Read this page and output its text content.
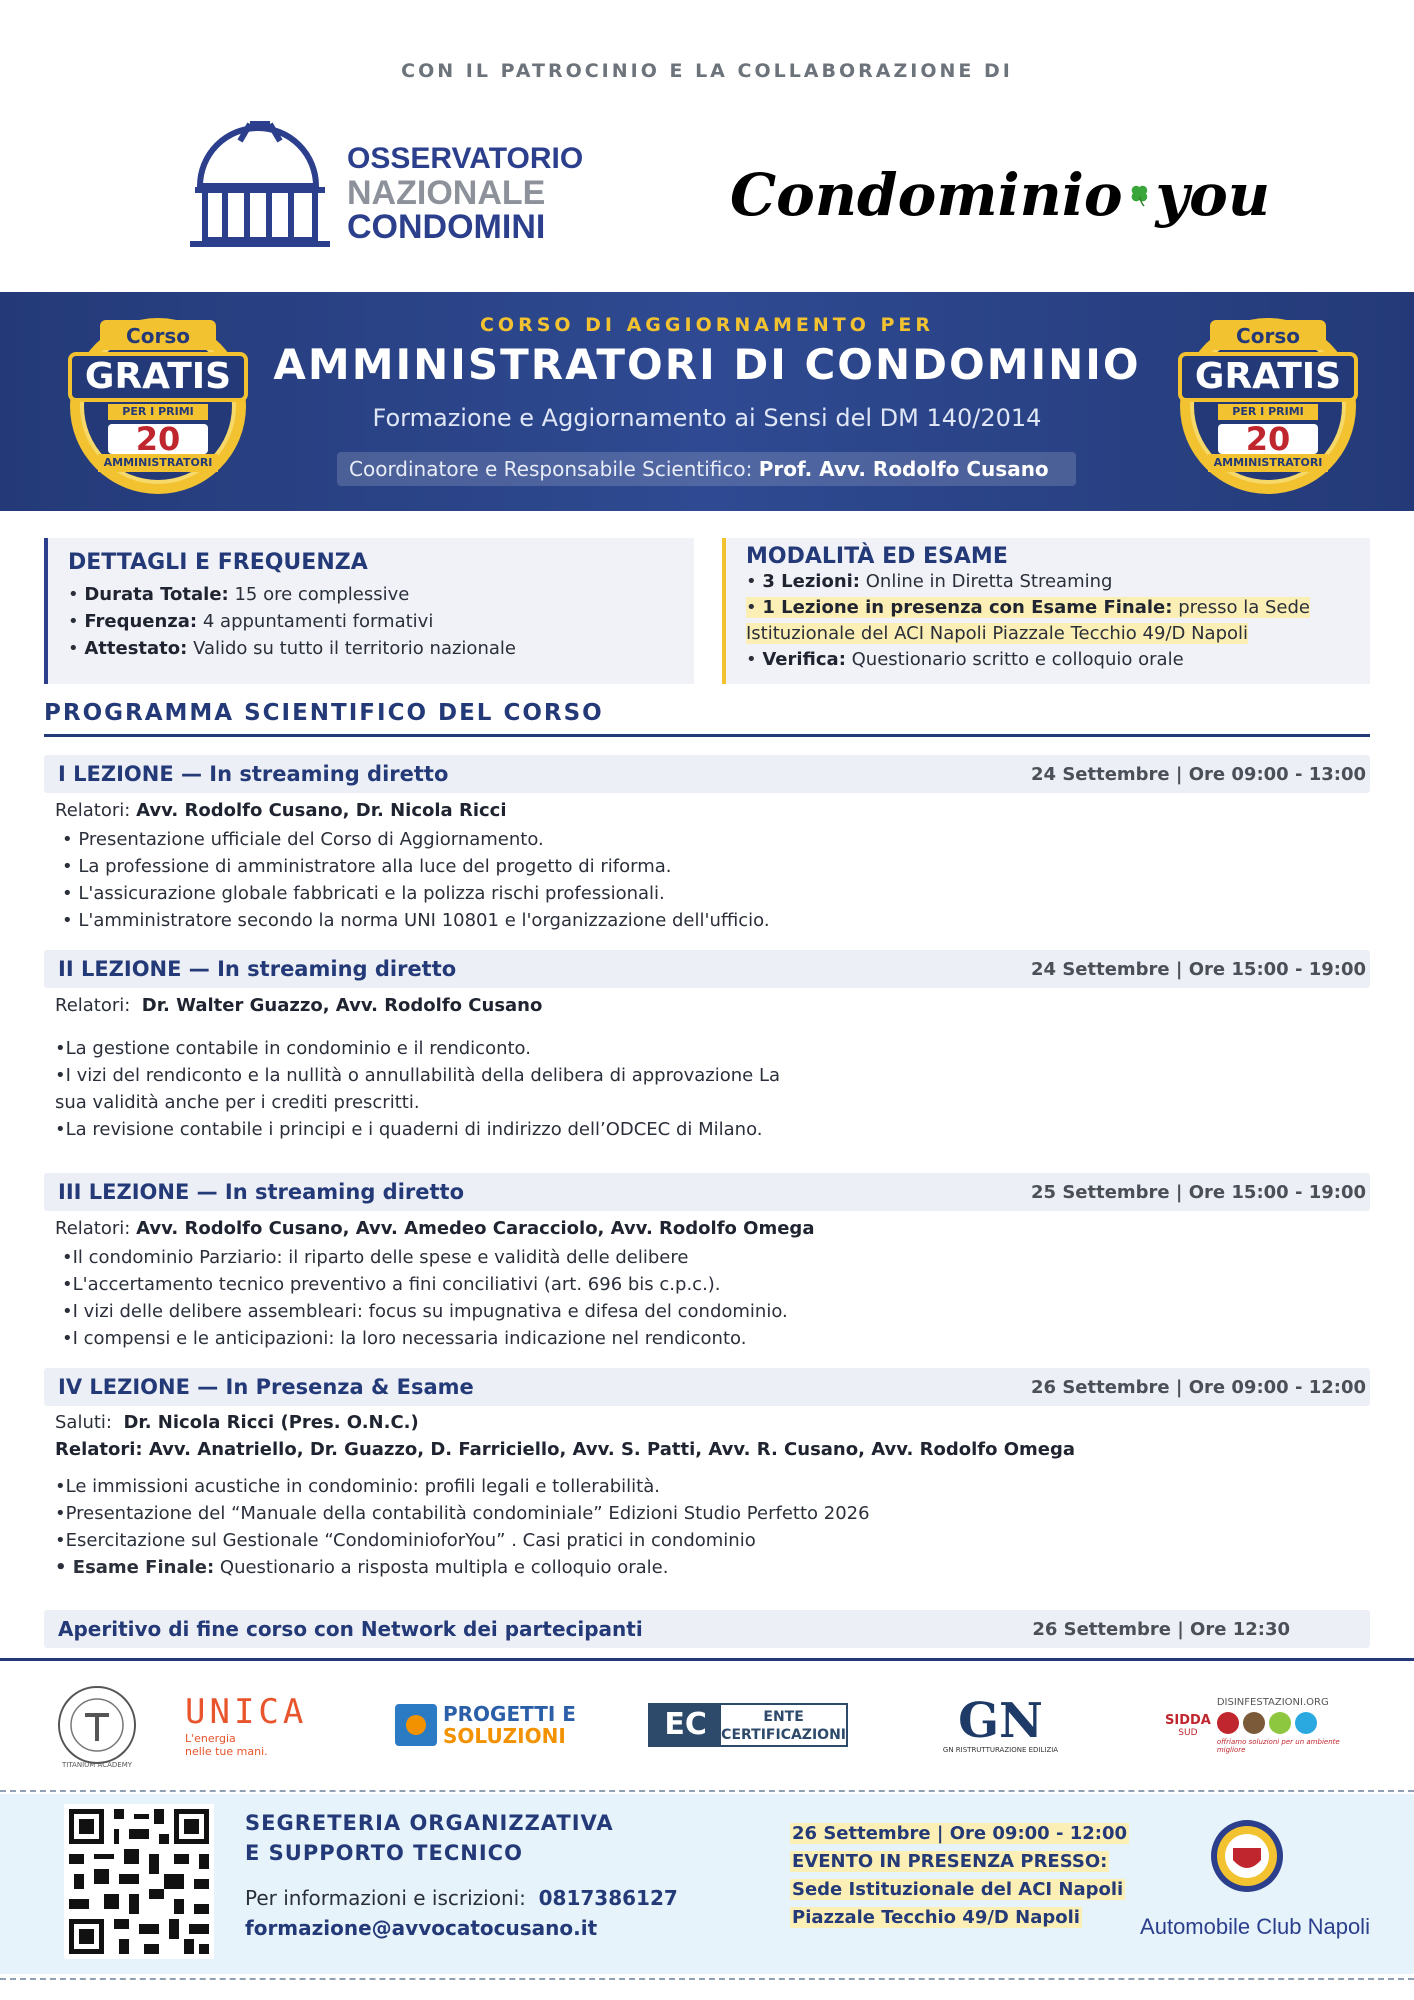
CON IL PATROCINIO E LA COLLABORAZIONE DI
OSSERVATORIO
NAZIONALE
CONDOMINI	Condominio you
Corso
GRATIS
PER I PRIMI
20
AMMINISTRATORI
CORSO DI AGGIORNAMENTO PER
AMMINISTRATORI DI CONDOMINIO
Formazione e Aggiornamento ai Sensi del DM 140/2014
Coordinatore e Responsabile Scientifico: Prof. Avv. Rodolfo Cusano
Corso
GRATIS
PER I PRIMI
20
AMMINISTRATORI
DETTAGLI E FREQUENZA
• Durata Totale: 15 ore complessive
• Frequenza: 4 appuntamenti formativi
• Attestato: Valido su tutto il territorio nazionale
MODALITÀ ED ESAME
• 3 Lezioni: Online in Diretta Streaming
• 1 Lezione in presenza con Esame Finale: presso la Sede
Istituzionale del ACI Napoli Piazzale Tecchio 49/D Napoli
• Verifica: Questionario scritto e colloquio orale
PROGRAMMA SCIENTIFICO DEL CORSO
I LEZIONE — In streaming diretto	24 Settembre | Ore 09:00 - 13:00
Relatori: Avv. Rodolfo Cusano, Dr. Nicola Ricci
• Presentazione ufficiale del Corso di Aggiornamento.
• La professione di amministratore alla luce del progetto di riforma.
• L'assicurazione globale fabbricati e la polizza rischi professionali.
• L'amministratore secondo la norma UNI 10801 e l'organizzazione dell'ufficio.
II LEZIONE — In streaming diretto	24 Settembre | Ore 15:00 - 19:00
Relatori: Dr. Walter Guazzo, Avv. Rodolfo Cusano
•La gestione contabile in condominio e il rendiconto.
•I vizi del rendiconto e la nullità o annullabilità della delibera di approvazione La
sua validità anche per i crediti prescritti.
•La revisione contabile i principi e i quaderni di indirizzo dell’ODCEC di Milano.
III LEZIONE — In streaming diretto	25 Settembre | Ore 15:00 - 19:00
Relatori: Avv. Rodolfo Cusano, Avv. Amedeo Caracciolo, Avv. Rodolfo Omega
•Il condominio Parziario: il riparto delle spese e validità delle delibere
•L'accertamento tecnico preventivo a fini conciliativi (art. 696 bis c.p.c.).
•I vizi delle delibere assembleari: focus su impugnativa e difesa del condominio.
•I compensi e le anticipazioni: la loro necessaria indicazione nel rendiconto.
IV LEZIONE — In Presenza & Esame	26 Settembre | Ore 09:00 - 12:00
Saluti: Dr. Nicola Ricci (Pres. O.N.C.)
Relatori: Avv. Anatriello, Dr. Guazzo, D. Farriciello, Avv. S. Patti, Avv. R. Cusano, Avv. Rodolfo Omega
•Le immissioni acustiche in condominio: profili legali e tollerabilità.
•Presentazione del “Manuale della contabilità condominiale” Edizioni Studio Perfetto 2026
•Esercitazione sul Gestionale “CondominioforYou” . Casi pratici in condominio
• Esame Finale: Questionario a risposta multipla e colloquio orale.
Aperitivo di fine corso con Network dei partecipanti	26 Settembre | Ore 12:30
TITANIUM ACADEMY
UNICA
L'energia
nelle tue mani.
PROGETTI E
SOLUZIONI	EC	ENTE
CERTIFICAZIONI GN
GN RISTRUTTURAZIONE EDILIZIA
SIDDA
SUD
DISINFESTAZIONI.ORG
offriamo soluzioni per un ambiente migliore
SEGRETERIA ORGANIZZATIVA
E SUPPORTO TECNICO
Per informazioni e iscrizioni: 0817386127
formazione@avvocatocusano.it
26 Settembre | Ore 09:00 - 12:00
EVENTO IN PRESENZA PRESSO:
Sede Istituzionale del ACI Napoli
Piazzale Tecchio 49/D Napoli	Automobile Club Napoli
